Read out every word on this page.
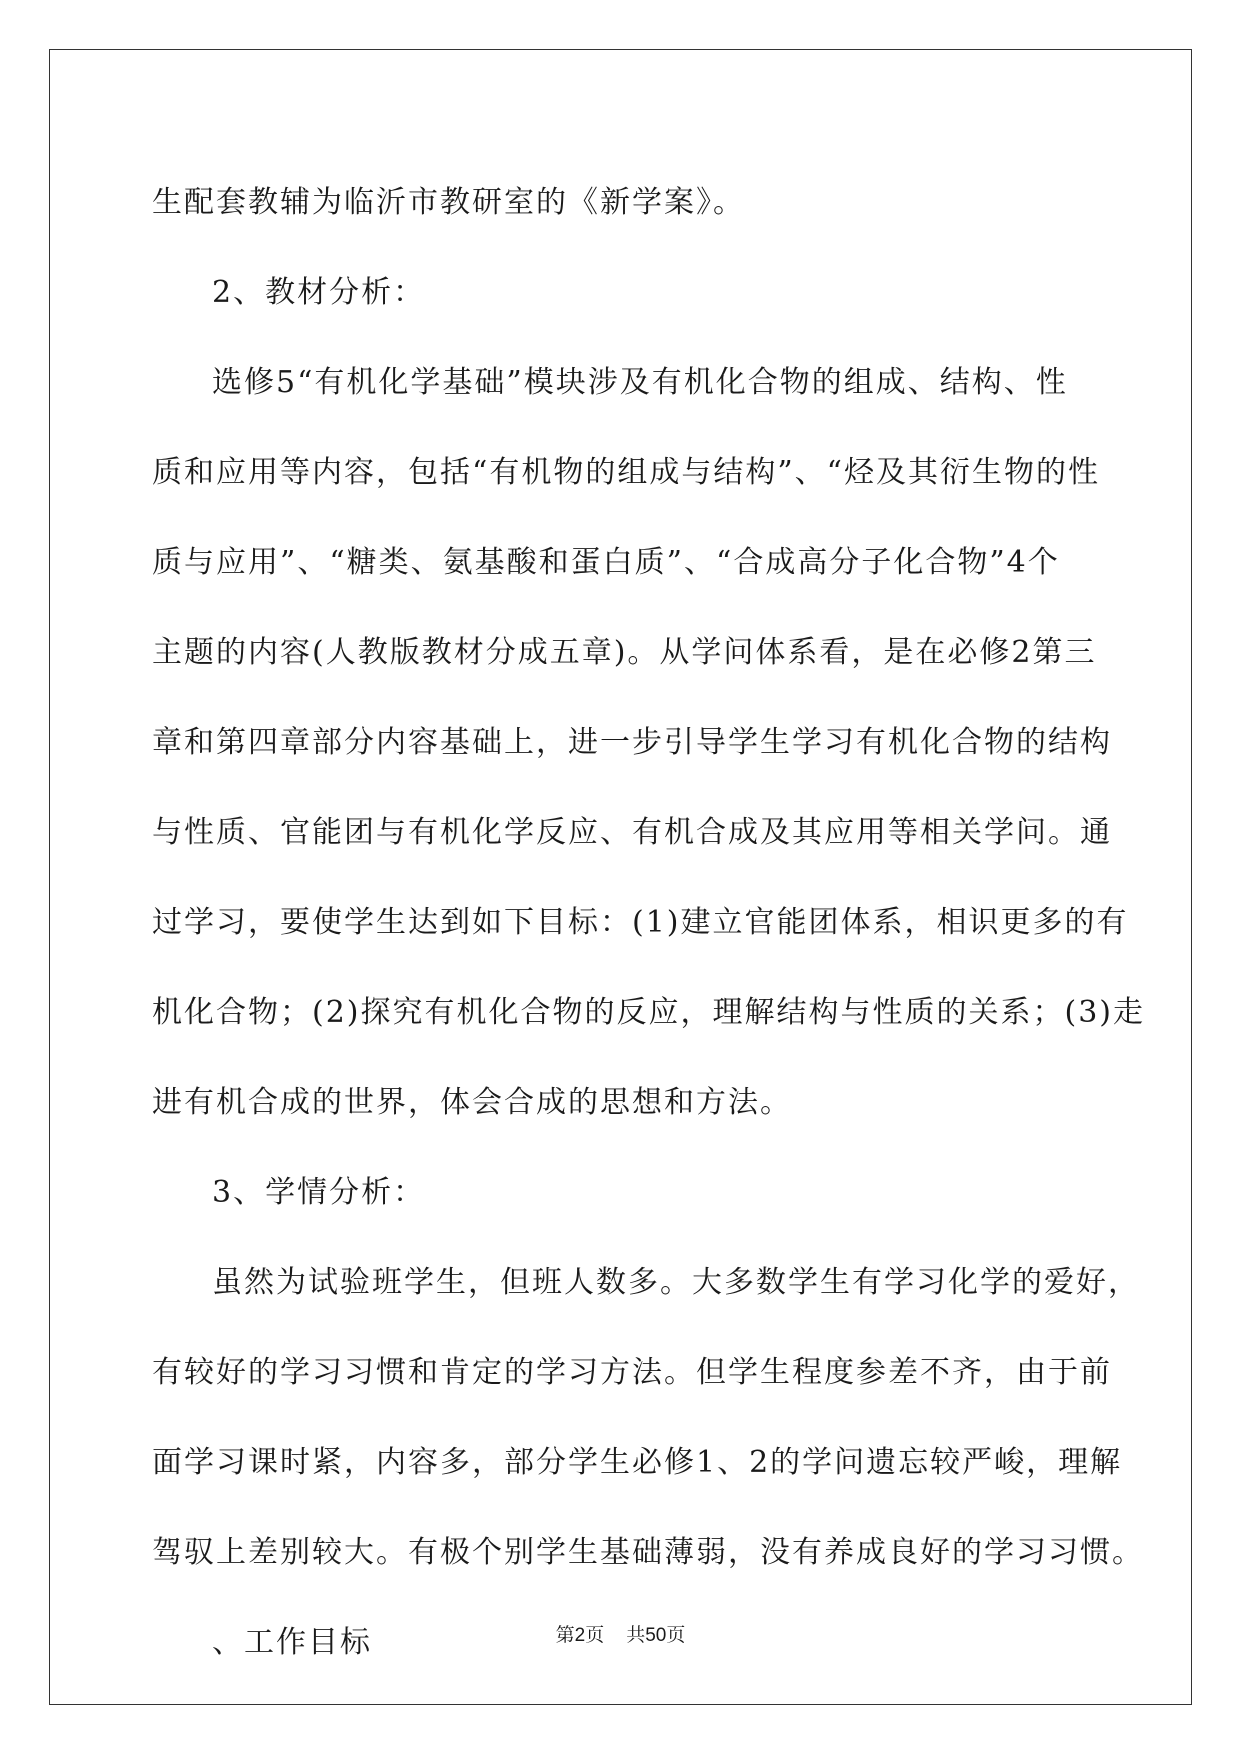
生配套教辅为临沂市教研室的《新学案》。
2、教材分析：
选修5“有机化学基础”模块涉及有机化合物的组成、结构、性
质和应用等内容，包括“有机物的组成与结构”、“烃及其衍生物的性
质与应用”、“糖类、氨基酸和蛋白质”、“合成高分子化合物”4个
主题的内容(人教版教材分成五章)。从学问体系看，是在必修2第三
章和第四章部分内容基础上，进一步引导学生学习有机化合物的结构
与性质、官能团与有机化学反应、有机合成及其应用等相关学问。通
过学习，要使学生达到如下目标：(1)建立官能团体系，相识更多的有
机化合物；(2)探究有机化合物的反应，理解结构与性质的关系；(3)走
进有机合成的世界，体会合成的思想和方法。
3、学情分析：
虽然为试验班学生，但班人数多。大多数学生有学习化学的爱好，
有较好的学习习惯和肯定的学习方法。但学生程度参差不齐，由于前
面学习课时紧，内容多，部分学生必修1、2的学问遗忘较严峻，理解
驾驭上差别较大。有极个别学生基础薄弱，没有养成良好的学习习惯。
、工作目标	第2页 共50页
